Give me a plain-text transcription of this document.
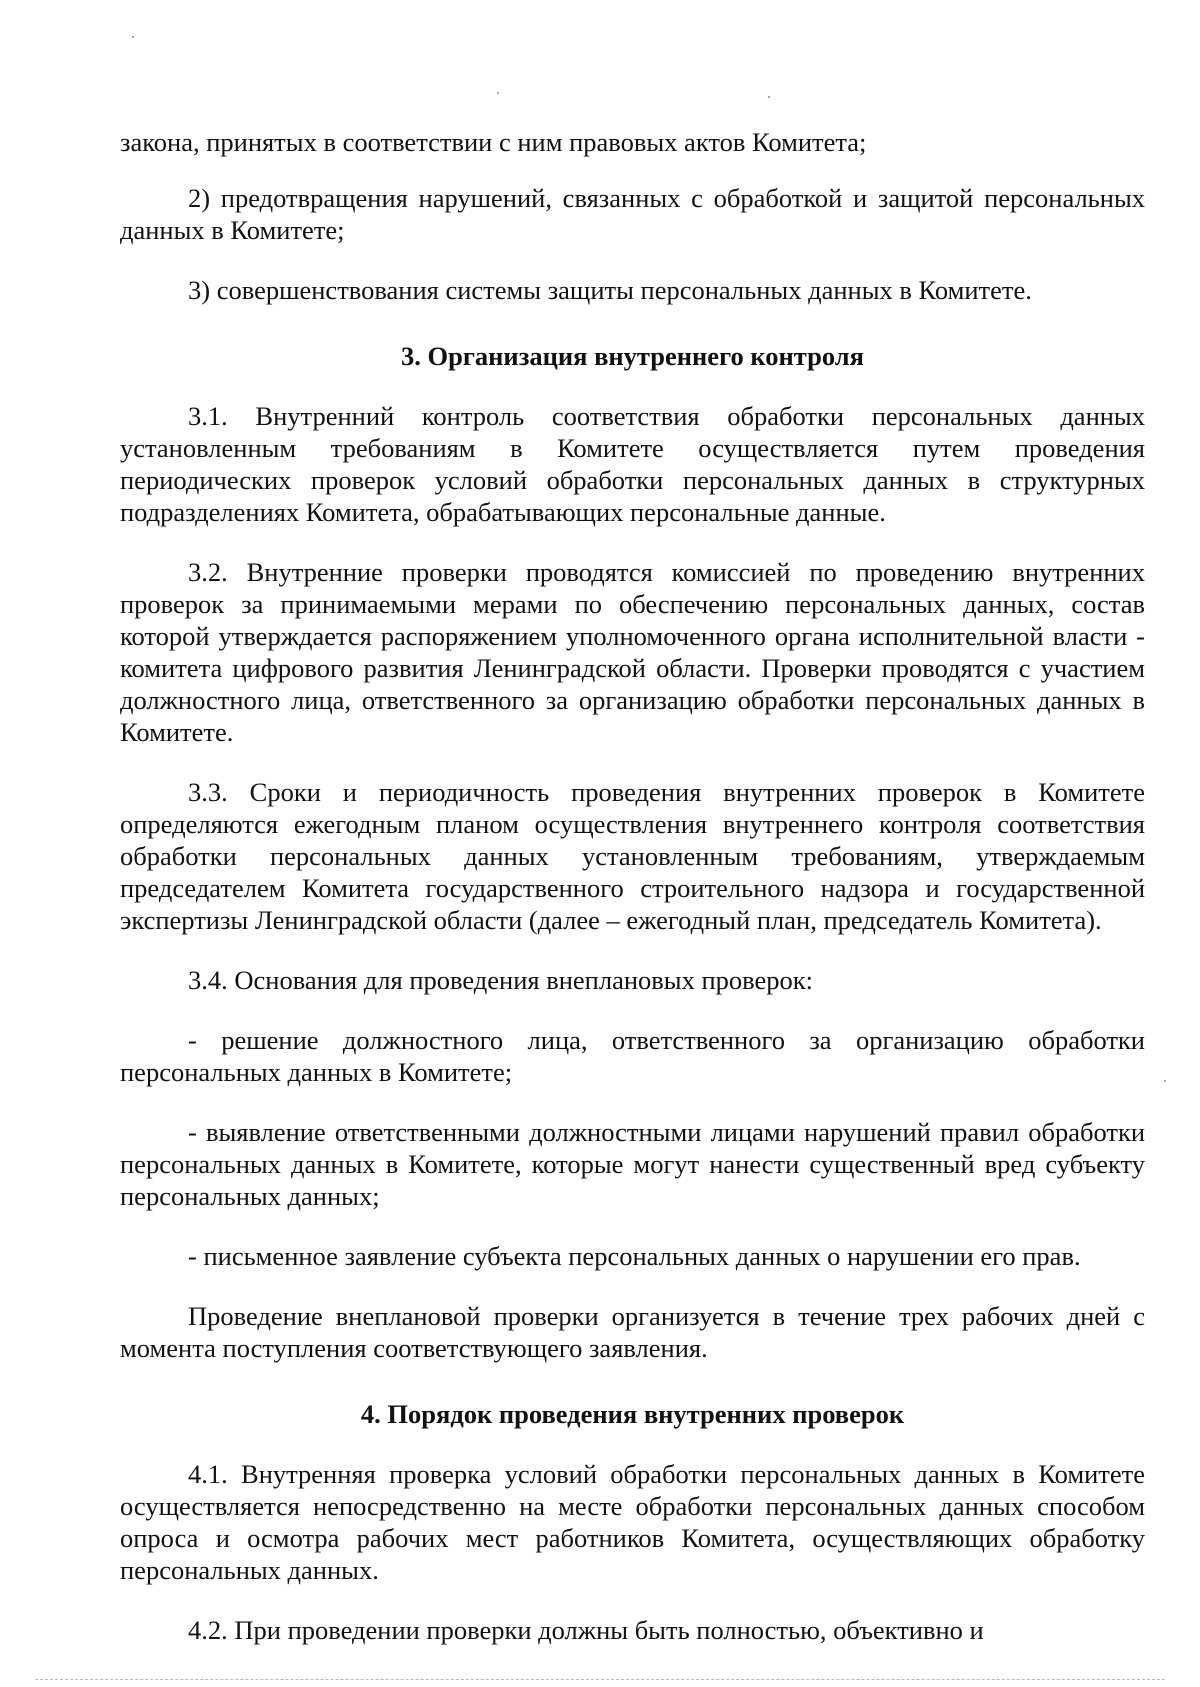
закона, принятых в соответствии с ним правовых актов Комитета;

2) предотвращения нарушений, связанных с обработкой и защитой персональных данных в Комитете;

3) совершенствования системы защиты персональных данных в Комитете.

3. Организация внутреннего контроля

3.1. Внутренний контроль соответствия обработки персональных данных установленным требованиям в Комитете осуществляется путем проведения периодических проверок условий обработки персональных данных в структурных подразделениях Комитета, обрабатывающих персональные данные.

3.2. Внутренние проверки проводятся комиссией по проведению внутренних проверок за принимаемыми мерами по обеспечению персональных данных, состав которой утверждается распоряжением уполномоченного органа исполнительной власти - комитета цифрового развития Ленинградской области. Проверки проводятся с участием должностного лица, ответственного за организацию обработки персональных данных в Комитете.

3.3. Сроки и периодичность проведения внутренних проверок в Комитете определяются ежегодным планом осуществления внутреннего контроля соответствия обработки персональных данных установленным требованиям, утверждаемым председателем Комитета государственного строительного надзора и государственной экспертизы Ленинградской области (далее – ежегодный план, председатель Комитета).

3.4. Основания для проведения внеплановых проверок:

- решение должностного лица, ответственного за организацию обработки персональных данных в Комитете;

- выявление ответственными должностными лицами нарушений правил обработки персональных данных в Комитете, которые могут нанести существенный вред субъекту персональных данных;

- письменное заявление субъекта персональных данных о нарушении его прав.

Проведение внеплановой проверки организуется в течение трех рабочих дней с момента поступления соответствующего заявления.

4. Порядок проведения внутренних проверок

4.1. Внутренняя проверка условий обработки персональных данных в Комитете осуществляется непосредственно на месте обработки персональных данных способом опроса и осмотра рабочих мест работников Комитета, осуществляющих обработку персональных данных.

4.2. При проведении проверки должны быть полностью, объективно и
